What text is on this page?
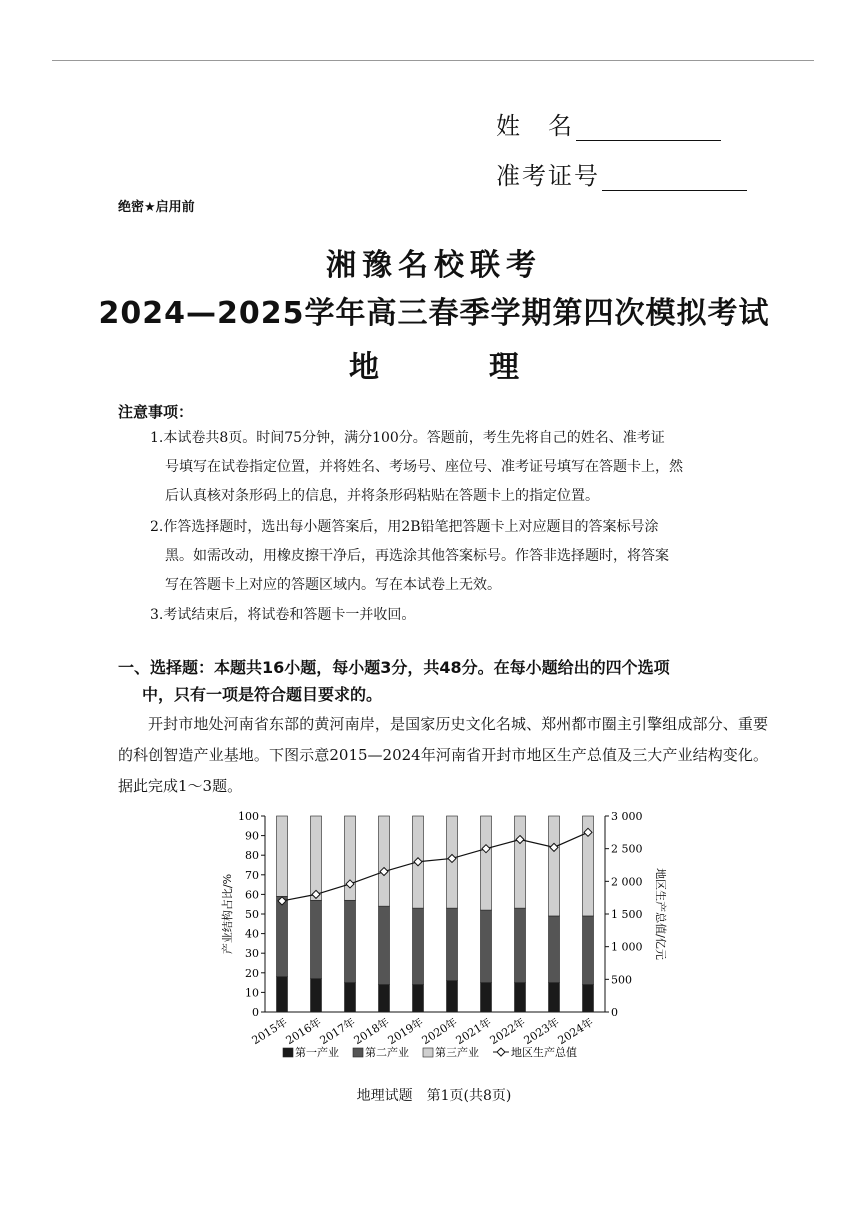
姓　名
准考证号
绝密★启用前
湘豫名校联考
2024—2025学年高三春季学期第四次模拟考试
地　理
注意事项：
1.本试卷共8页。时间75分钟，满分100分。答题前，考生先将自己的姓名、准考证
号填写在试卷指定位置，并将姓名、考场号、座位号、准考证号填写在答题卡上，然
后认真核对条形码上的信息，并将条形码粘贴在答题卡上的指定位置。
2.作答选择题时，选出每小题答案后，用2B铅笔把答题卡上对应题目的答案标号涂
黑。如需改动，用橡皮擦干净后，再选涂其他答案标号。作答非选择题时，将答案
写在答题卡上对应的答题区域内。写在本试卷上无效。
3.考试结束后，将试卷和答题卡一并收回。
一、选择题：本题共16小题，每小题3分，共48分。在每小题给出的四个选项
中，只有一项是符合题目要求的。
开封市地处河南省东部的黄河南岸，是国家历史文化名城、郑州都市圈主引擎组成部分、重要的科创智造产业基地。下图示意2015—2024年河南省开封市地区生产总值及三大产业结构变化。据此完成1～3题。
0
10
20
30
40
50
60
70
80
90
100
0
500
1 000
1 500
2 000
2 500
3 000
产业结构占比/%	地区生产总值/亿元
2015年
2016年
2017年
2018年
2019年
2020年
2021年
2022年
2023年
2024年
第一产业 第二产业 第三产业	地区生产总值
地理试题　第1页(共8页)
